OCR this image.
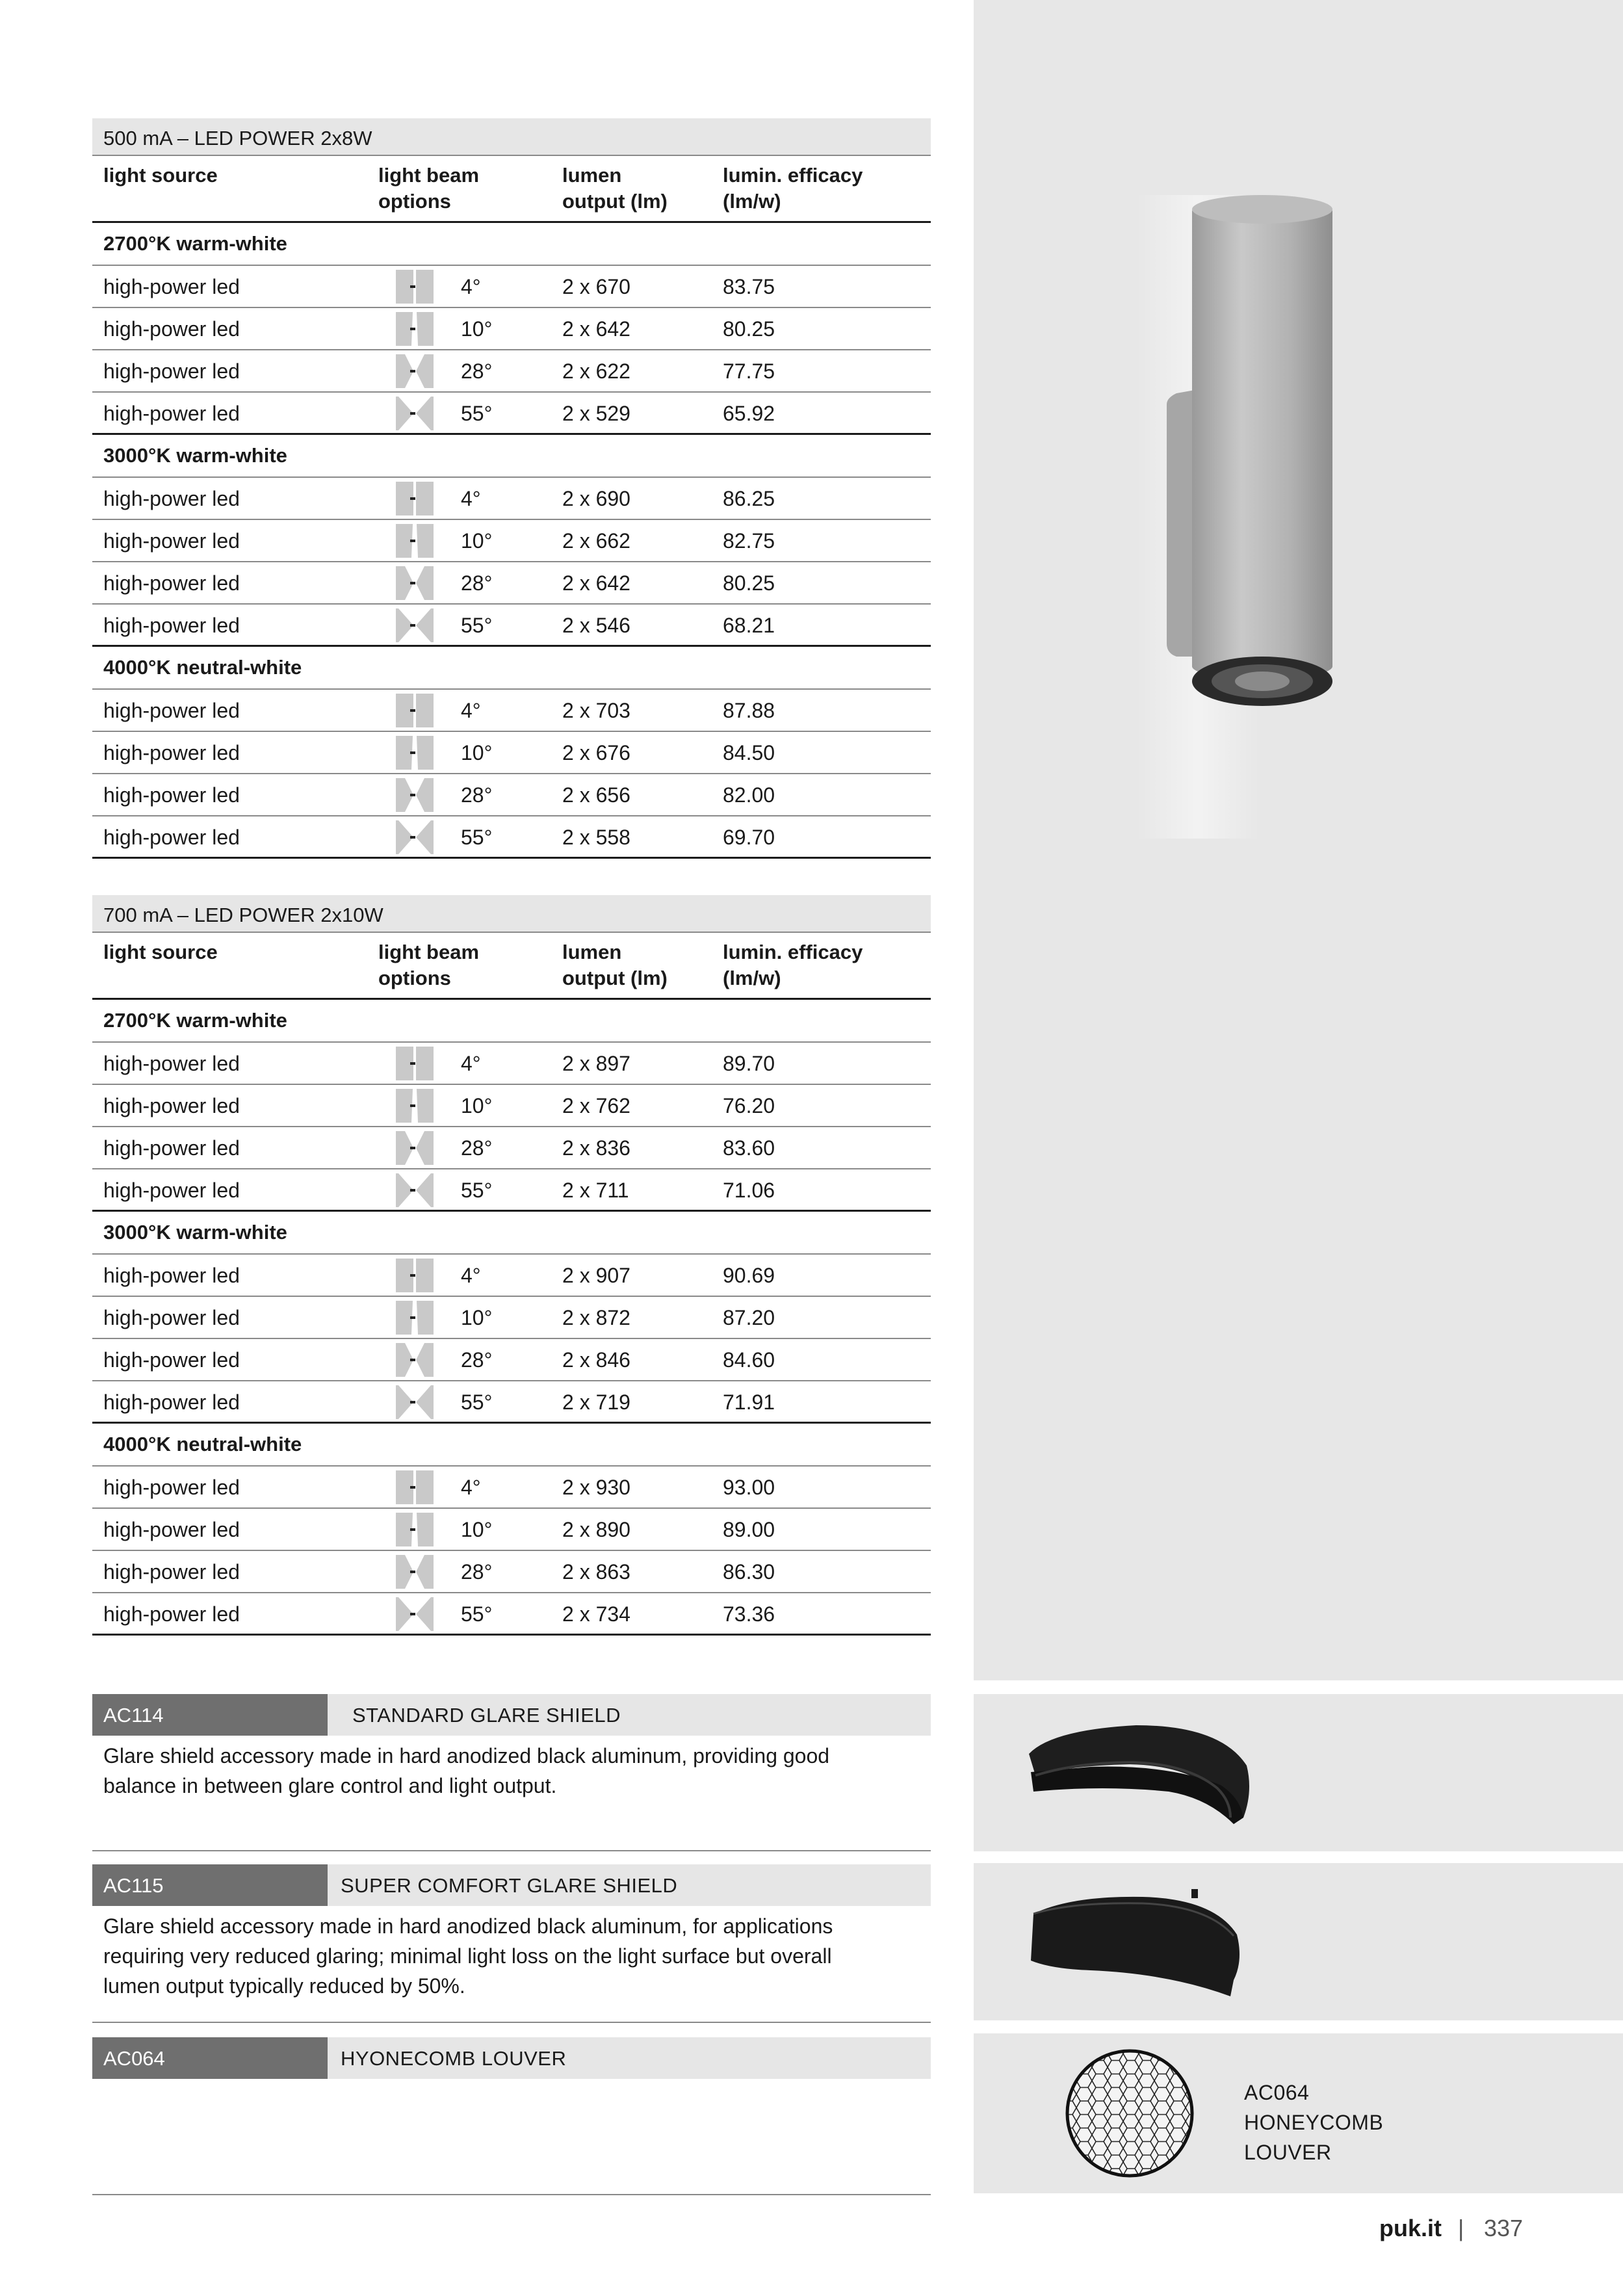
AC064
HONEYCOMB
LOUVER
500 mA – LED POWER 2x8W
light source	light beam
options
lumen
output (lm)
lumin. efficacy
(lm/w)
2700°K warm-white
high-power led	4°	2 x 670	83.75
high-power led	10°	2 x 642	80.25
high-power led	28°	2 x 622	77.75
high-power led	55°	2 x 529	65.92
3000°K warm-white
high-power led	4°	2 x 690	86.25
high-power led	10°	2 x 662	82.75
high-power led	28°	2 x 642	80.25
high-power led	55°	2 x 546	68.21
4000°K neutral-white
high-power led	4°	2 x 703	87.88
high-power led	10°	2 x 676	84.50
high-power led	28°	2 x 656	82.00
high-power led	55°	2 x 558	69.70
700 mA – LED POWER 2x10W
light source	light beam
options
lumen
output (lm)
lumin. efficacy
(lm/w)
2700°K warm-white
high-power led	4°	2 x 897	89.70
high-power led	10°	2 x 762	76.20
high-power led	28°	2 x 836	83.60
high-power led	55°	2 x 711	71.06
3000°K warm-white
high-power led	4°	2 x 907	90.69
high-power led	10°	2 x 872	87.20
high-power led	28°	2 x 846	84.60
high-power led	55°	2 x 719	71.91
4000°K neutral-white
high-power led	4°	2 x 930	93.00
high-power led	10°	2 x 890	89.00
high-power led	28°	2 x 863	86.30
high-power led	55°	2 x 734	73.36
AC114	STANDARD GLARE SHIELD
Glare shield accessory made in hard anodized black aluminum, providing good
balance in between glare control and light output.
AC115	SUPER COMFORT GLARE SHIELD
Glare shield accessory made in hard anodized black aluminum, for applications
requiring very reduced glaring; minimal light loss on the light surface but overall
lumen output typically reduced by 50%.
AC064	HYONECOMB LOUVER
puk.it | 337
